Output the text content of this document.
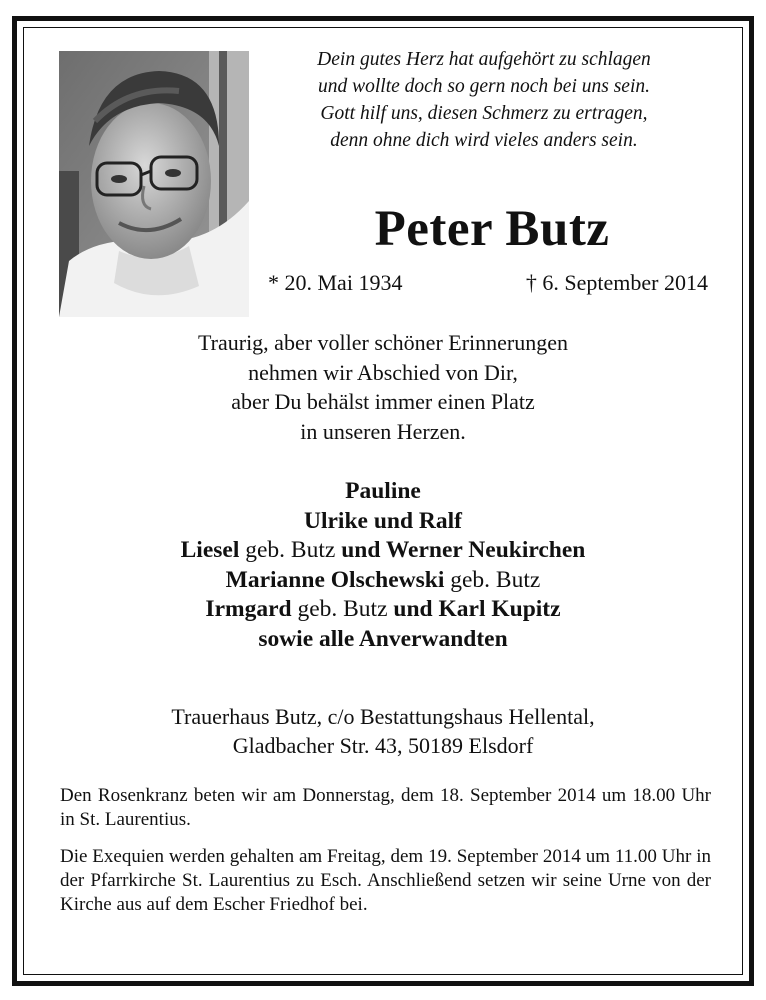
Dein gutes Herz hat aufgehört zu schlagen
und wollte doch so gern noch bei uns sein.
Gott hilf uns, diesen Schmerz zu ertragen,
denn ohne dich wird vieles anders sein.
Peter Butz
* 20. Mai 1934	† 6. September 2014
Traurig, aber voller schöner Erinnerungen
nehmen wir Abschied von Dir,
aber Du behälst immer einen Platz
in unseren Herzen.
Pauline
Ulrike und Ralf
Liesel geb. Butz und Werner Neukirchen
Marianne Olschewski geb. Butz
Irmgard geb. Butz und Karl Kupitz
sowie alle Anverwandten
Trauerhaus Butz, c/o Bestattungshaus Hellental,
Gladbacher Str. 43, 50189 Elsdorf
Den Rosenkranz beten wir am Donnerstag, dem 18. September 2014 um 18.00 Uhr in St. Laurentius.
Die Exequien werden gehalten am Freitag, dem 19. September 2014 um 11.00 Uhr in der Pfarrkirche St. Laurentius zu Esch. Anschließend setzen wir seine Urne von der Kirche aus auf dem Escher Friedhof bei.
